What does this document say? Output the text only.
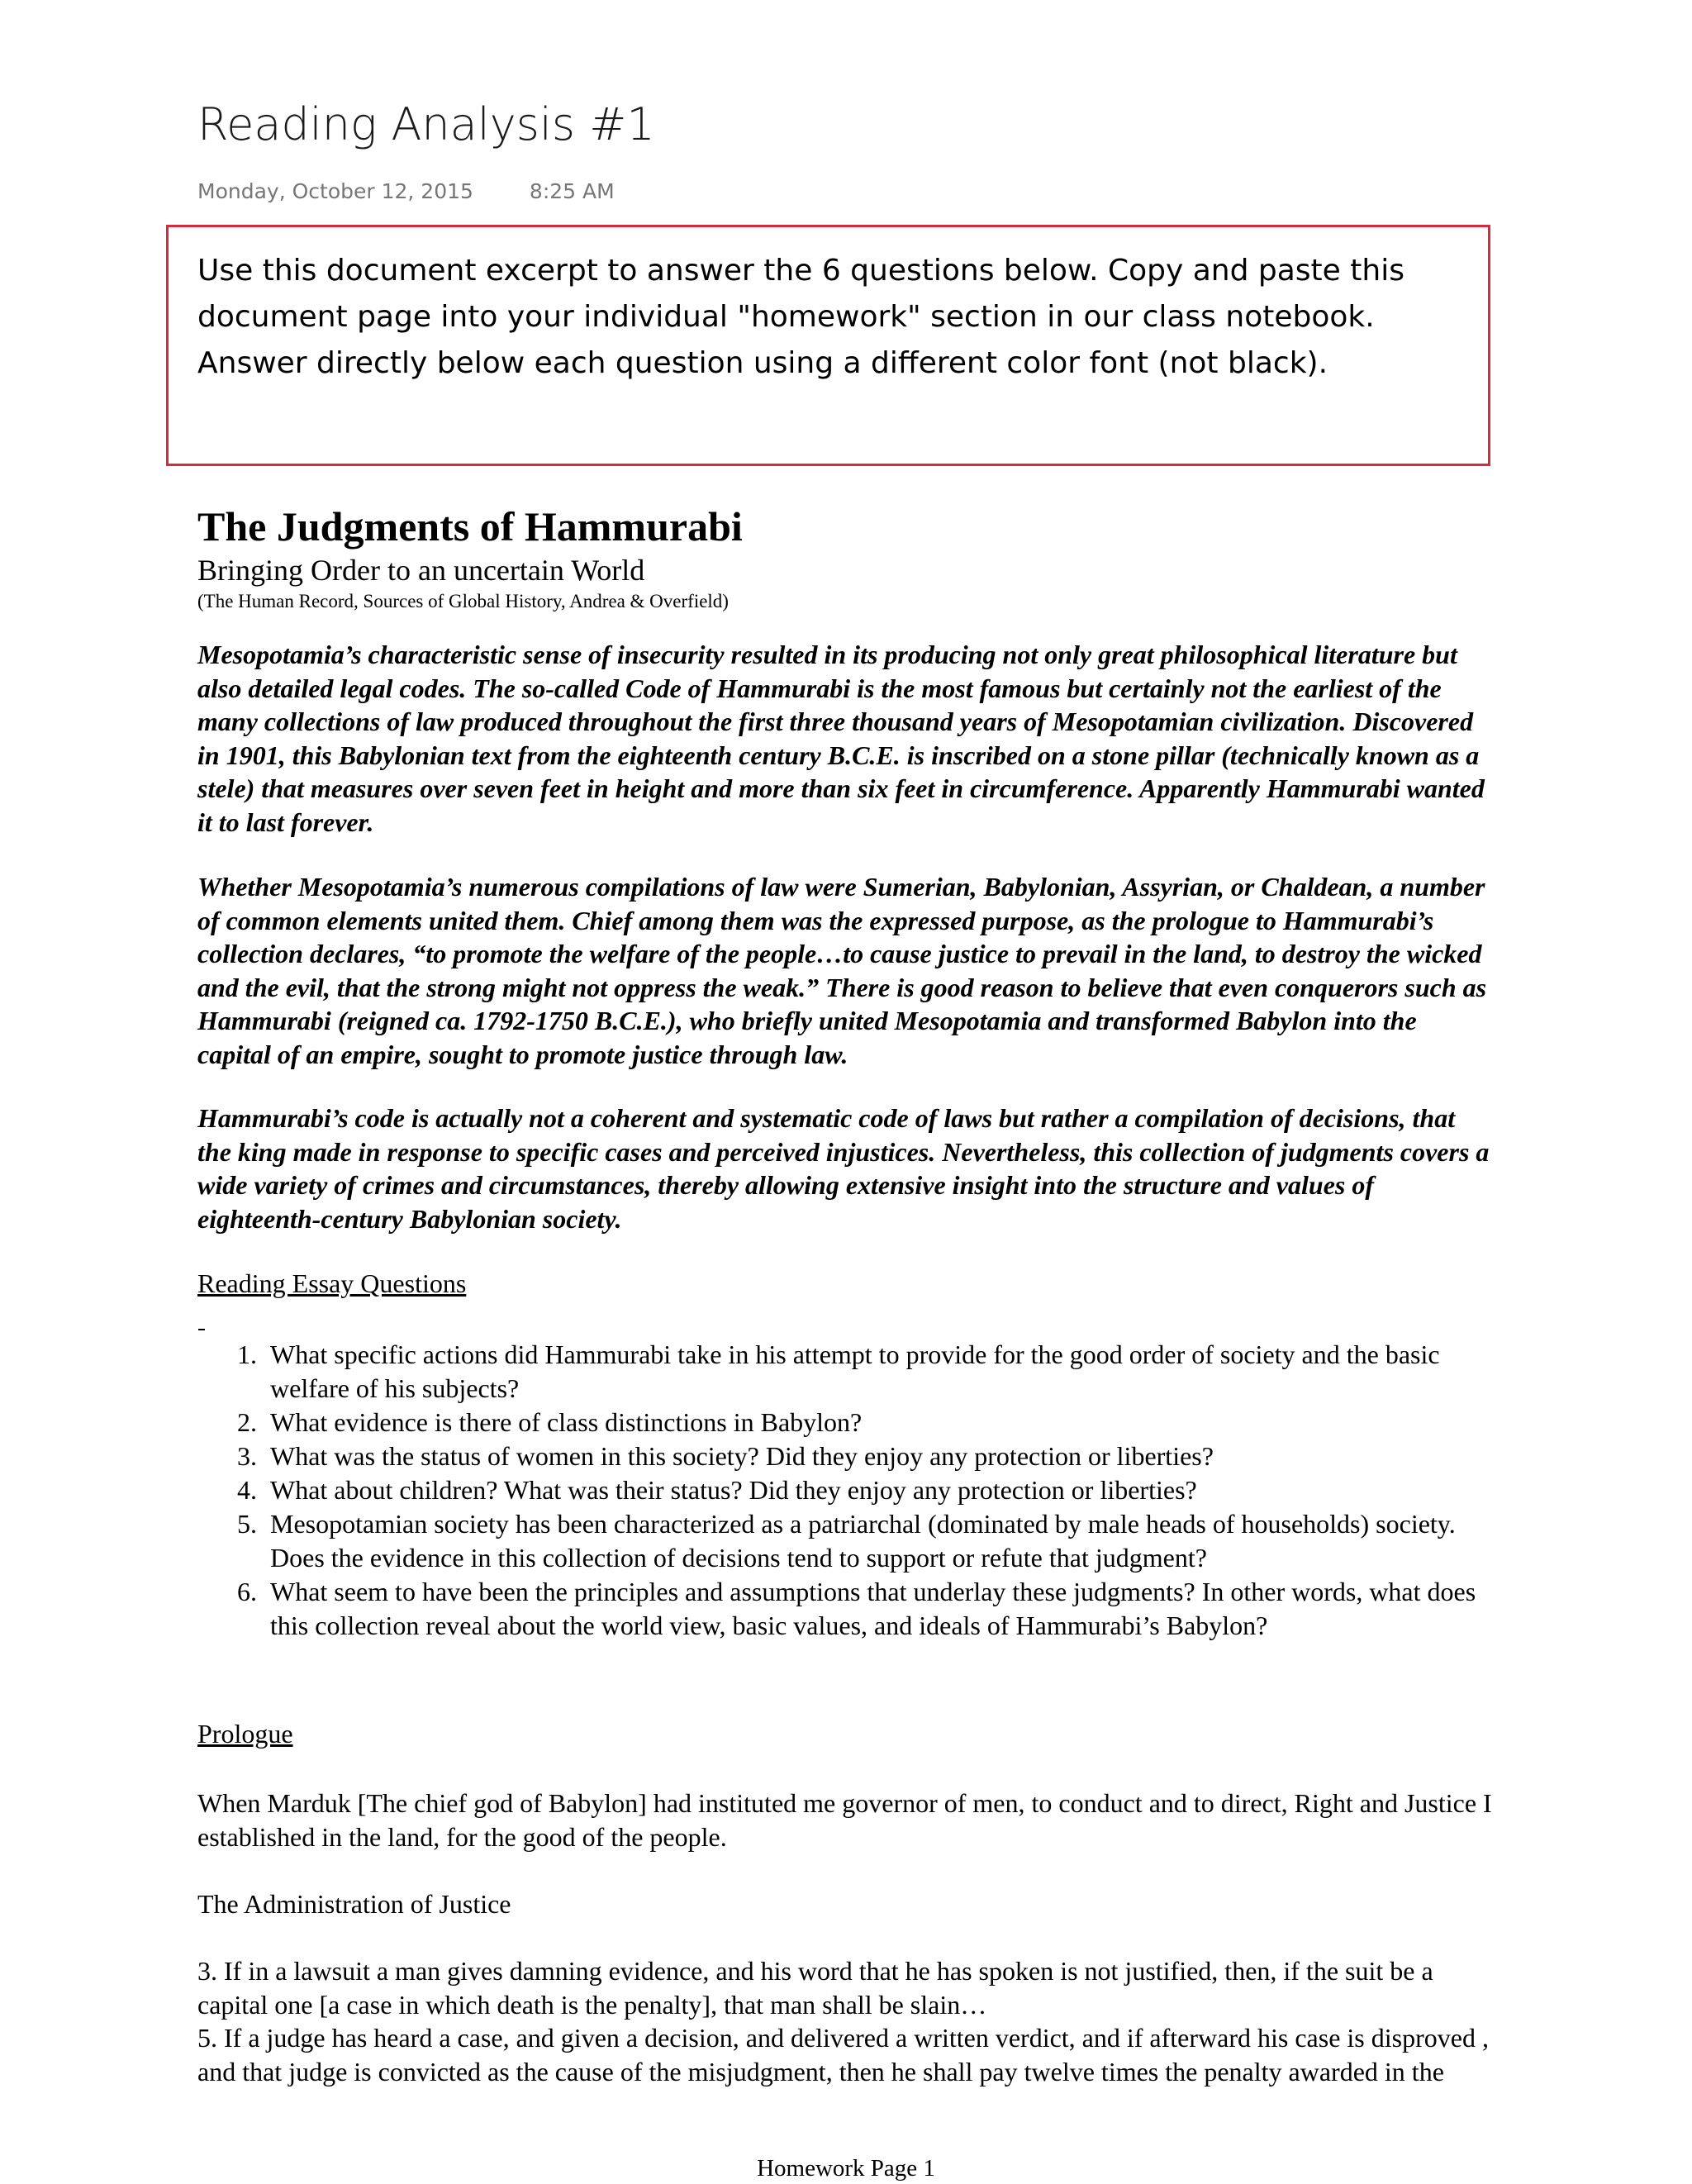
Reading Analysis #1
Monday, October 12, 2015	8:25 AM

Use this document excerpt to answer the 6 questions below. Copy and paste this
document page into your individual "homework" section in our class notebook.
Answer directly below each question using a different color font (not black).

The Judgments of Hammurabi
Bringing Order to an uncertain World
(The Human Record, Sources of Global History, Andrea & Overfield)

Mesopotamia’s characteristic sense of insecurity resulted in its producing not only great philosophical literature but
also detailed legal codes. The so-called Code of Hammurabi is the most famous but certainly not the earliest of the
many collections of law produced throughout the first three thousand years of Mesopotamian civilization. Discovered
in 1901, this Babylonian text from the eighteenth century B.C.E. is inscribed on a stone pillar (technically known as a
stele) that measures over seven feet in height and more than six feet in circumference. Apparently Hammurabi wanted
it to last forever.

Whether Mesopotamia’s numerous compilations of law were Sumerian, Babylonian, Assyrian, or Chaldean, a number
of common elements united them. Chief among them was the expressed purpose, as the prologue to Hammurabi’s
collection declares, “to promote the welfare of the people…to cause justice to prevail in the land, to destroy the wicked
and the evil, that the strong might not oppress the weak.” There is good reason to believe that even conquerors such as
Hammurabi (reigned ca. 1792-1750 B.C.E.), who briefly united Mesopotamia and transformed Babylon into the
capital of an empire, sought to promote justice through law.

Hammurabi’s code is actually not a coherent and systematic code of laws but rather a compilation of decisions, that
the king made in response to specific cases and perceived injustices. Nevertheless, this collection of judgments covers a
wide variety of crimes and circumstances, thereby allowing extensive insight into the structure and values of
eighteenth-century Babylonian society.

Reading Essay Questions
1. What specific actions did Hammurabi take in his attempt to provide for the good order of society and the basic
welfare of his subjects?
2. What evidence is there of class distinctions in Babylon?
3. What was the status of women in this society? Did they enjoy any protection or liberties?
4. What about children? What was their status? Did they enjoy any protection or liberties?
5. Mesopotamian society has been characterized as a patriarchal (dominated by male heads of households) society.
Does the evidence in this collection of decisions tend to support or refute that judgment?
6. What seem to have been the principles and assumptions that underlay these judgments? In other words, what does
this collection reveal about the world view, basic values, and ideals of Hammurabi’s Babylon?
Prologue

When Marduk [The chief god of Babylon] had instituted me governor of men, to conduct and to direct, Right and Justice I
established in the land, for the good of the people.

The Administration of Justice

3. If in a lawsuit a man gives damning evidence, and his word that he has spoken is not justified, then, if the suit be a
capital one [a case in which death is the penalty], that man shall be slain…

5. If a judge has heard a case, and given a decision, and delivered a written verdict, and if afterward his case is disproved ,
and that judge is convicted as the cause of the misjudgment, then he shall pay twelve times the penalty awarded in the

Homework Page 1
